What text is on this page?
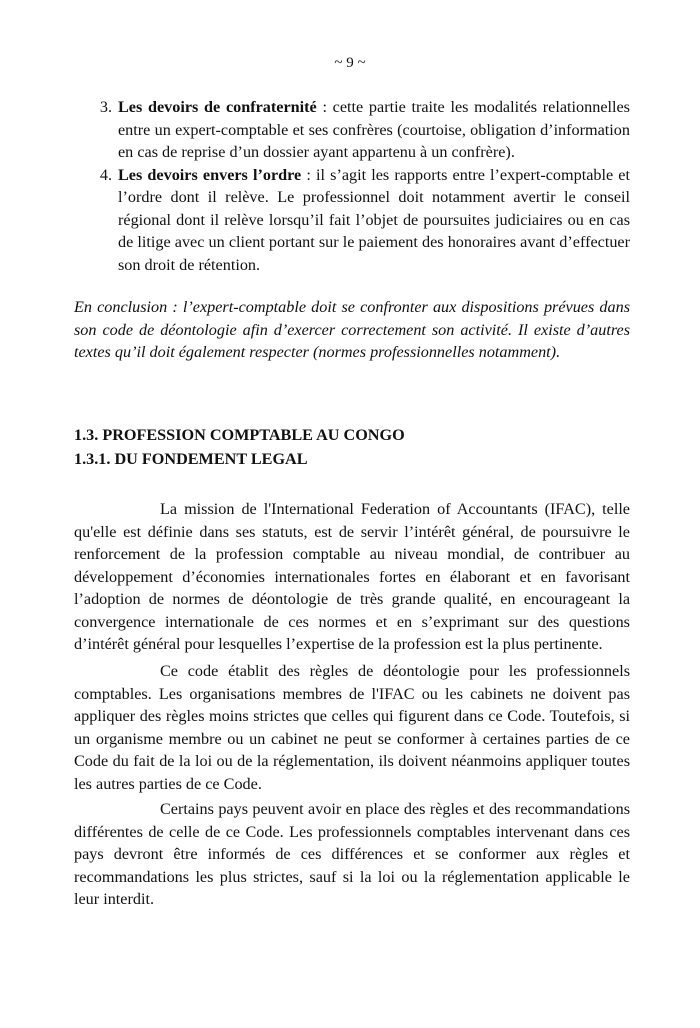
~ 9 ~
3. Les devoirs de confraternité : cette partie traite les modalités relationnelles entre un expert-comptable et ses confrères (courtoise, obligation d’information en cas de reprise d’un dossier ayant appartenu à un confrère).
4. Les devoirs envers l’ordre : il s’agit les rapports entre l’expert-comptable et l’ordre dont il relève. Le professionnel doit notamment avertir le conseil régional dont il relève lorsqu’il fait l’objet de poursuites judiciaires ou en cas de litige avec un client portant sur le paiement des honoraires avant d’effectuer son droit de rétention.

En conclusion : l’expert-comptable doit se confronter aux dispositions prévues dans son code de déontologie afin d’exercer correctement son activité. Il existe d’autres textes qu’il doit également respecter (normes professionnelles notamment).

1.3. PROFESSION COMPTABLE AU CONGO
1.3.1. DU FONDEMENT LEGAL

La mission de l'International Federation of Accountants (IFAC), telle qu'elle est définie dans ses statuts, est de servir l’intérêt général, de poursuivre le renforcement de la profession comptable au niveau mondial, de contribuer au développement d’économies internationales fortes en élaborant et en favorisant l’adoption de normes de déontologie de très grande qualité, en encourageant la convergence internationale de ces normes et en s’exprimant sur des questions d’intérêt général pour lesquelles l’expertise de la profession est la plus pertinente.

Ce code établit des règles de déontologie pour les professionnels comptables. Les organisations membres de l'IFAC ou les cabinets ne doivent pas appliquer des règles moins strictes que celles qui figurent dans ce Code. Toutefois, si un organisme membre ou un cabinet ne peut se conformer à certaines parties de ce Code du fait de la loi ou de la réglementation, ils doivent néanmoins appliquer toutes les autres parties de ce Code.

Certains pays peuvent avoir en place des règles et des recommandations différentes de celle de ce Code. Les professionnels comptables intervenant dans ces pays devront être informés de ces différences et se conformer aux règles et recommandations les plus strictes, sauf si la loi ou la réglementation applicable le leur interdit.
